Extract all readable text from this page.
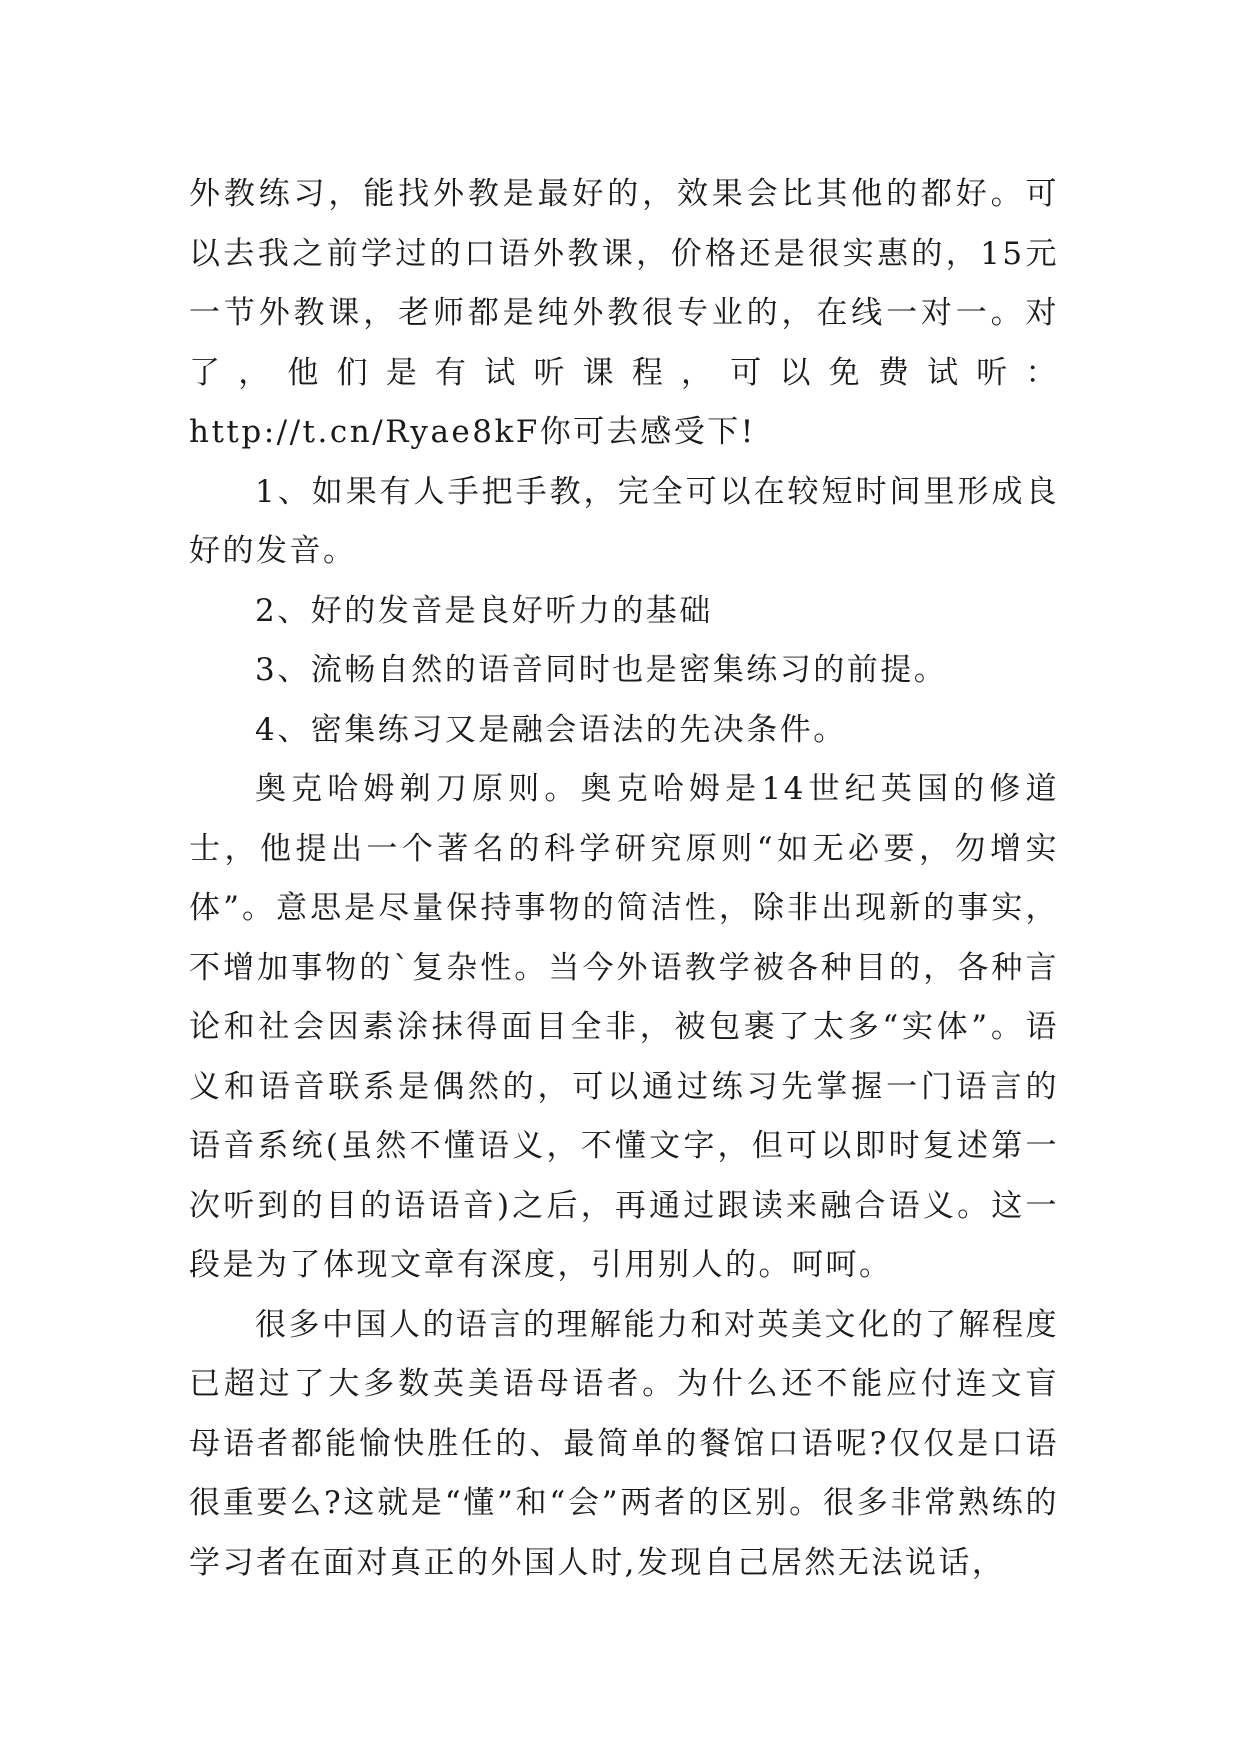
外教练习，能找外教是最好的，效果会比其他的都好。可以去我之前学过的口语外教课，价格还是很实惠的，15元一节外教课，老师都是纯外教很专业的，在线一对一。对了，他们是有试听课程，可以免费试听：http://t.cn/Ryae8kF你可去感受下!

1、如果有人手把手教，完全可以在较短时间里形成良好的发音。

2、好的发音是良好听力的基础

3、流畅自然的语音同时也是密集练习的前提。

4、密集练习又是融会语法的先决条件。

奥克哈姆剃刀原则。奥克哈姆是14世纪英国的修道士，他提出一个著名的科学研究原则“如无必要，勿增实体”。意思是尽量保持事物的简洁性，除非出现新的事实，不增加事物的`复杂性。当今外语教学被各种目的，各种言论和社会因素涂抹得面目全非，被包裹了太多“实体”。语义和语音联系是偶然的，可以通过练习先掌握一门语言的语音系统(虽然不懂语义，不懂文字，但可以即时复述第一次听到的目的语语音)之后，再通过跟读来融合语义。这一段是为了体现文章有深度，引用别人的。呵呵。

很多中国人的语言的理解能力和对英美文化的了解程度已超过了大多数英美语母语者。为什么还不能应付连文盲母语者都能愉快胜任的、最简单的餐馆口语呢?仅仅是口语很重要么?这就是“懂”和“会”两者的区别。很多非常熟练的学习者在面对真正的外国人时,发现自己居然无法说话，
